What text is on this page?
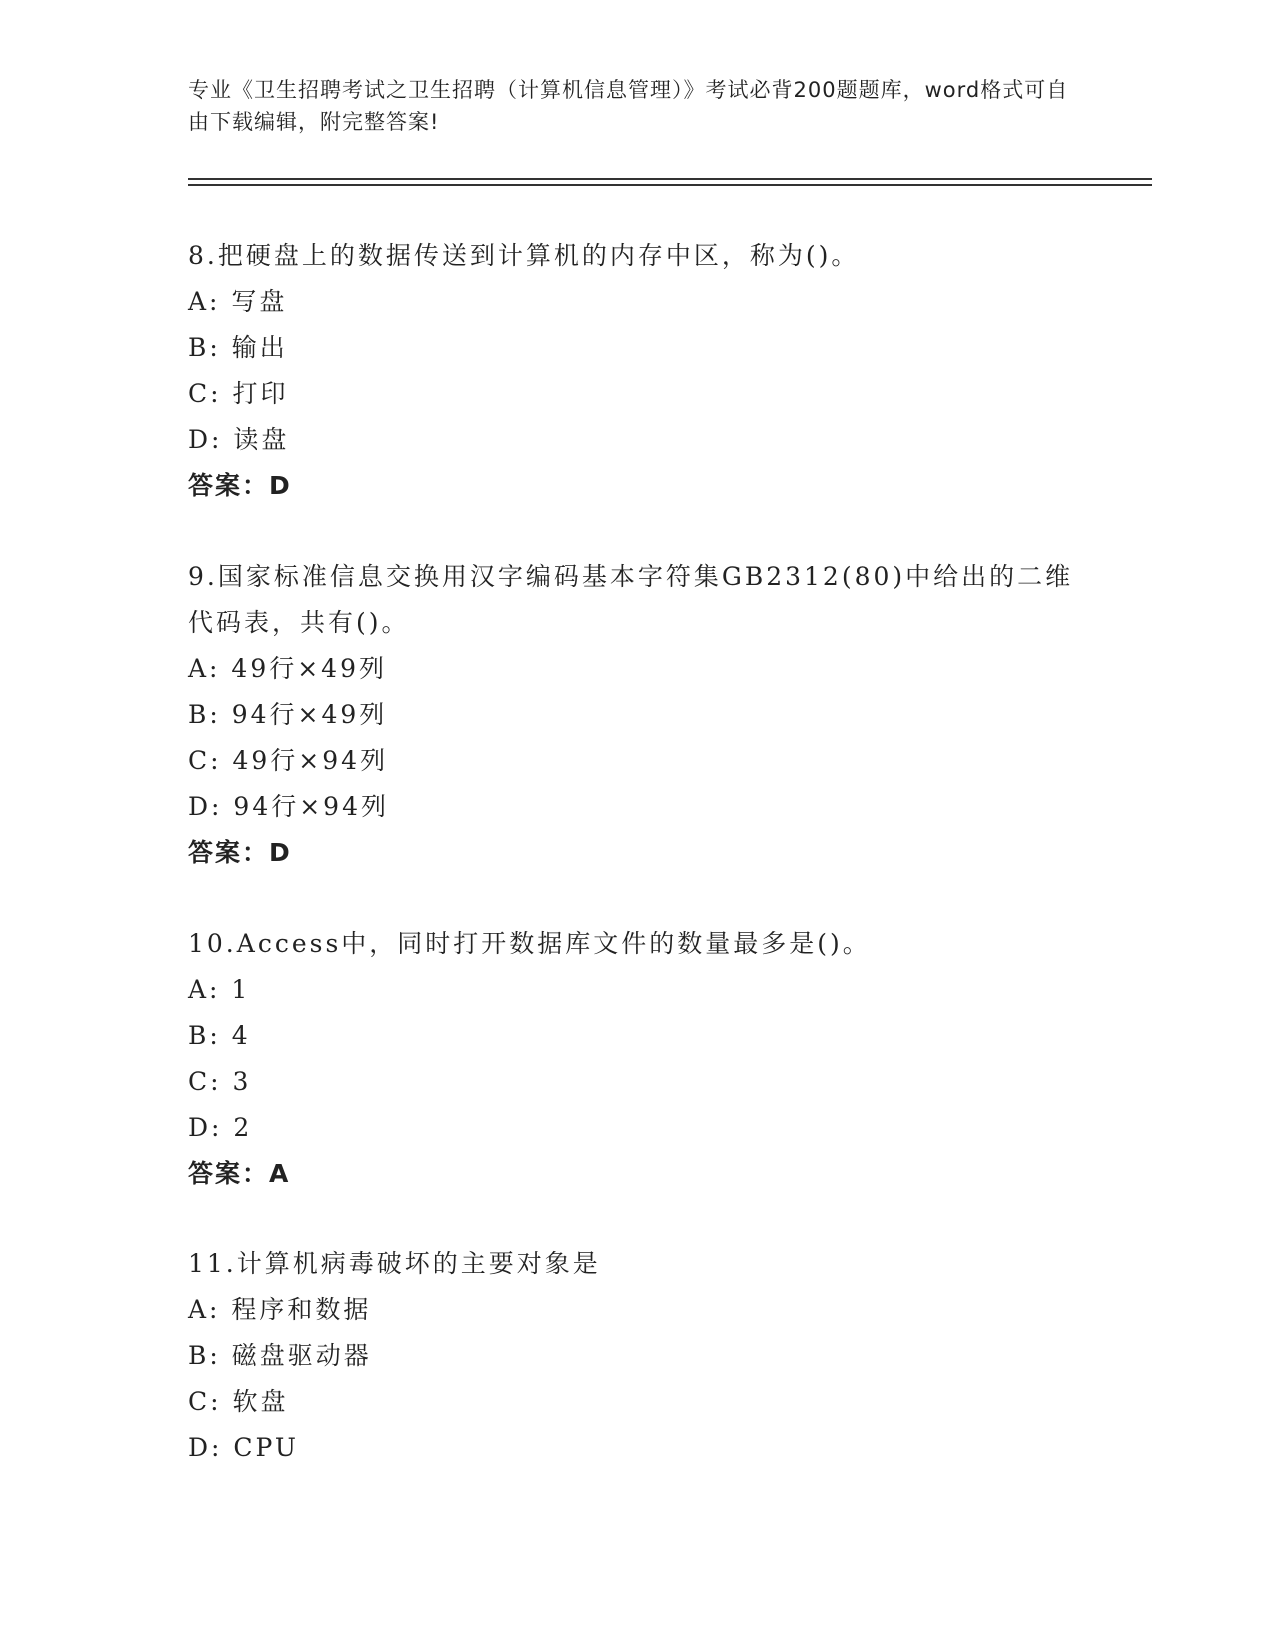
专业《卫生招聘考试之卫生招聘（计算机信息管理）》考试必背200题题库，word格式可自由下载编辑，附完整答案!
8.把硬盘上的数据传送到计算机的内存中区，称为()。
A: 写盘
B: 输出
C: 打印
D: 读盘
答案：D
9.国家标准信息交换用汉字编码基本字符集GB2312(80)中给出的二维代码表，共有()。
A: 49行×49列
B: 94行×49列
C: 49行×94列
D: 94行×94列
答案：D
10.Access中，同时打开数据库文件的数量最多是()。
A: 1
B: 4
C: 3
D: 2
答案：A
11.计算机病毒破坏的主要对象是
A: 程序和数据
B: 磁盘驱动器
C: 软盘
D: CPU
